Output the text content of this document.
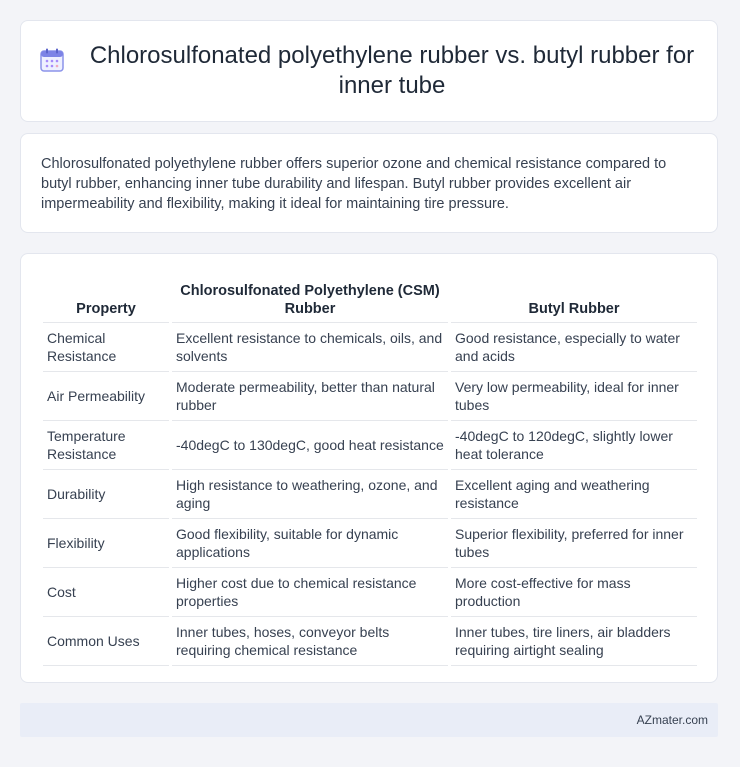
Chlorosulfonated polyethylene rubber vs. butyl rubber for inner tube

Chlorosulfonated polyethylene rubber offers superior ozone and chemical resistance compared to butyl rubber, enhancing inner tube durability and lifespan. Butyl rubber provides excellent air impermeability and flexibility, making it ideal for maintaining tire pressure.

Property	Chlorosulfonated Polyethylene (CSM) Rubber	Butyl Rubber
Chemical Resistance	Excellent resistance to chemicals, oils, and solvents	Good resistance, especially to water and acids
Air Permeability	Moderate permeability, better than natural rubber	Very low permeability, ideal for inner tubes
Temperature Resistance	-40degC to 130degC, good heat resistance	-40degC to 120degC, slightly lower heat tolerance
Durability	High resistance to weathering, ozone, and aging	Excellent aging and weathering resistance
Flexibility	Good flexibility, suitable for dynamic applications	Superior flexibility, preferred for inner tubes
Cost	Higher cost due to chemical resistance properties	More cost-effective for mass production
Common Uses	Inner tubes, hoses, conveyor belts requiring chemical resistance	Inner tubes, tire liners, air bladders requiring airtight sealing
AZmater.com
